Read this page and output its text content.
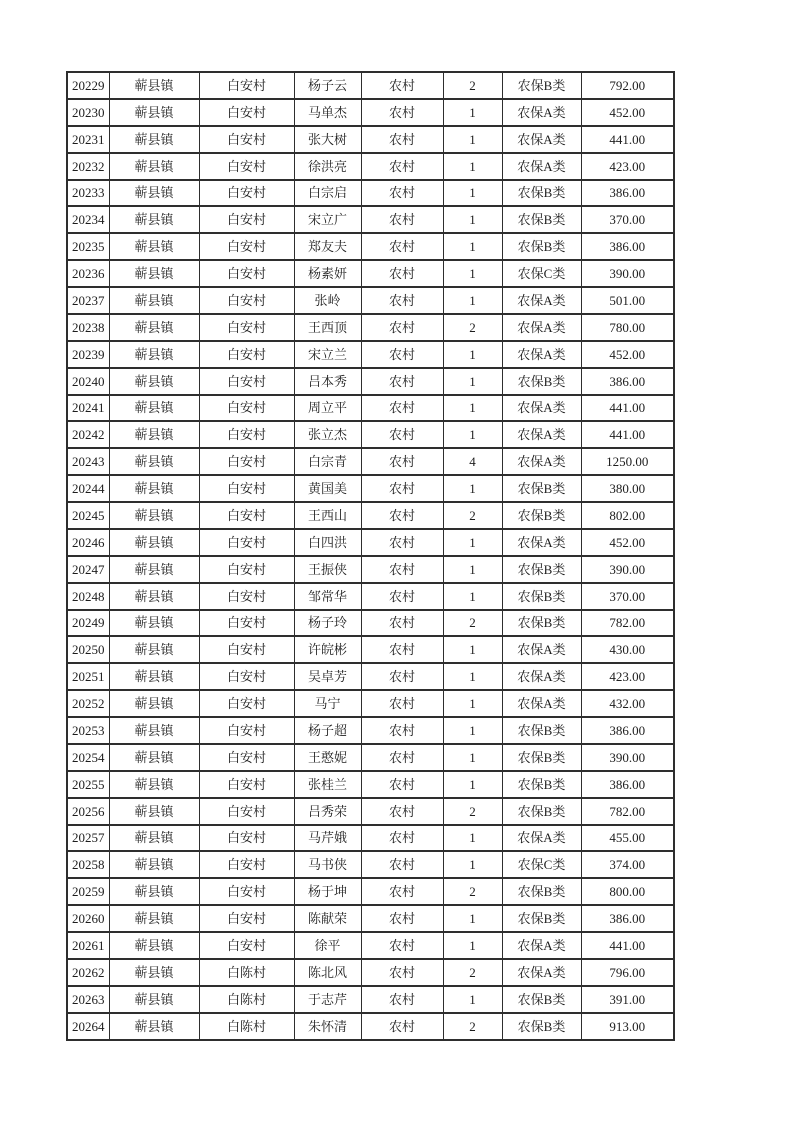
20229	蕲县镇	白安村	杨子云	农村	2	农保B类	792.00
20230	蕲县镇	白安村	马单杰	农村	1	农保A类	452.00
20231	蕲县镇	白安村	张大树	农村	1	农保A类	441.00
20232	蕲县镇	白安村	徐洪亮	农村	1	农保A类	423.00
20233	蕲县镇	白安村	白宗启	农村	1	农保B类	386.00
20234	蕲县镇	白安村	宋立广	农村	1	农保B类	370.00
20235	蕲县镇	白安村	郑友夫	农村	1	农保B类	386.00
20236	蕲县镇	白安村	杨素妍	农村	1	农保C类	390.00
20237	蕲县镇	白安村	张岭	农村	1	农保A类	501.00
20238	蕲县镇	白安村	王西顶	农村	2	农保A类	780.00
20239	蕲县镇	白安村	宋立兰	农村	1	农保A类	452.00
20240	蕲县镇	白安村	吕本秀	农村	1	农保B类	386.00
20241	蕲县镇	白安村	周立平	农村	1	农保A类	441.00
20242	蕲县镇	白安村	张立杰	农村	1	农保A类	441.00
20243	蕲县镇	白安村	白宗青	农村	4	农保A类	1250.00
20244	蕲县镇	白安村	黄国美	农村	1	农保B类	380.00
20245	蕲县镇	白安村	王西山	农村	2	农保B类	802.00
20246	蕲县镇	白安村	白四洪	农村	1	农保A类	452.00
20247	蕲县镇	白安村	王振侠	农村	1	农保B类	390.00
20248	蕲县镇	白安村	邹常华	农村	1	农保B类	370.00
20249	蕲县镇	白安村	杨子玲	农村	2	农保B类	782.00
20250	蕲县镇	白安村	许皖彬	农村	1	农保A类	430.00
20251	蕲县镇	白安村	吴卓芳	农村	1	农保A类	423.00
20252	蕲县镇	白安村	马宁	农村	1	农保A类	432.00
20253	蕲县镇	白安村	杨子超	农村	1	农保B类	386.00
20254	蕲县镇	白安村	王憨妮	农村	1	农保B类	390.00
20255	蕲县镇	白安村	张桂兰	农村	1	农保B类	386.00
20256	蕲县镇	白安村	吕秀荣	农村	2	农保B类	782.00
20257	蕲县镇	白安村	马芹娥	农村	1	农保A类	455.00
20258	蕲县镇	白安村	马书侠	农村	1	农保C类	374.00
20259	蕲县镇	白安村	杨于坤	农村	2	农保B类	800.00
20260	蕲县镇	白安村	陈献荣	农村	1	农保B类	386.00
20261	蕲县镇	白安村	徐平	农村	1	农保A类	441.00
20262	蕲县镇	白陈村	陈北风	农村	2	农保A类	796.00
20263	蕲县镇	白陈村	于志芹	农村	1	农保B类	391.00
20264	蕲县镇	白陈村	朱怀清	农村	2	农保B类	913.00
